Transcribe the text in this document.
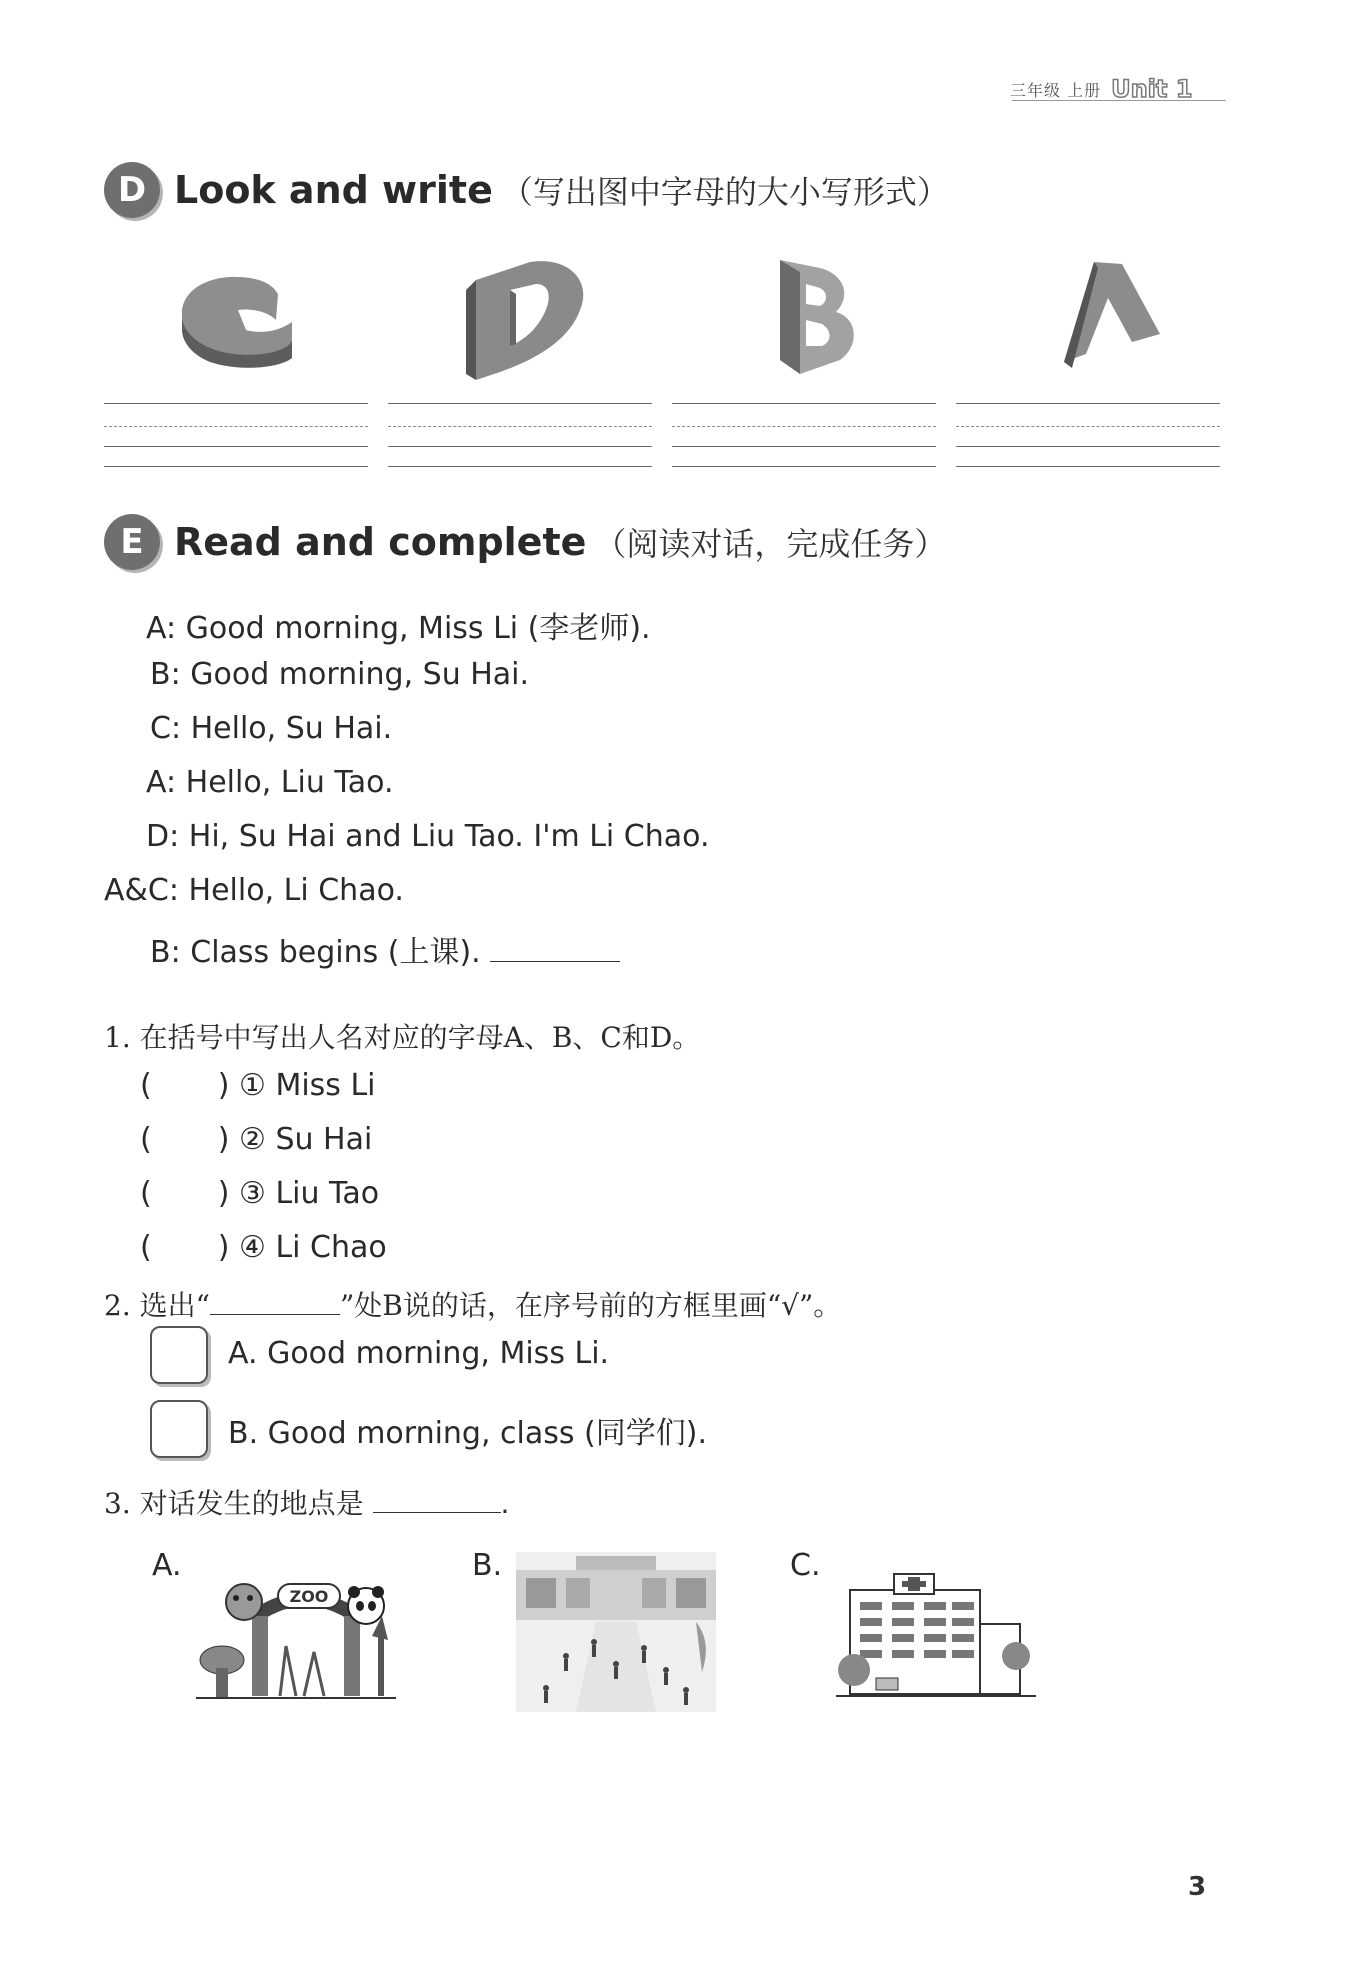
三年级 上册 Unit 1
D Look and write （写出图中字母的大小写形式）
C	D	B	A
E Read and complete （阅读对话，完成任务）
A: Good morning, Miss Li (李老师).
B: Good morning, Su Hai.
C: Hello, Su Hai.
A: Hello, Liu Tao.
D: Hi, Su Hai and Liu Tao. I'm Li Chao.
A&C: Hello, Li Chao.
B: Class begins (上课).
1. 在括号中写出人名对应的字母A、B、C和D。
( ) ① Miss Li
( ) ② Su Hai
( ) ③ Liu Tao
( ) ④ Li Chao
2. 选出“	”处B说的话，在序号前的方框里画“√”。
A. Good morning, Miss Li.
B. Good morning, class (同学们).
3. 对话发生的地点是	.
A.	B.	C.
ZOO
3
